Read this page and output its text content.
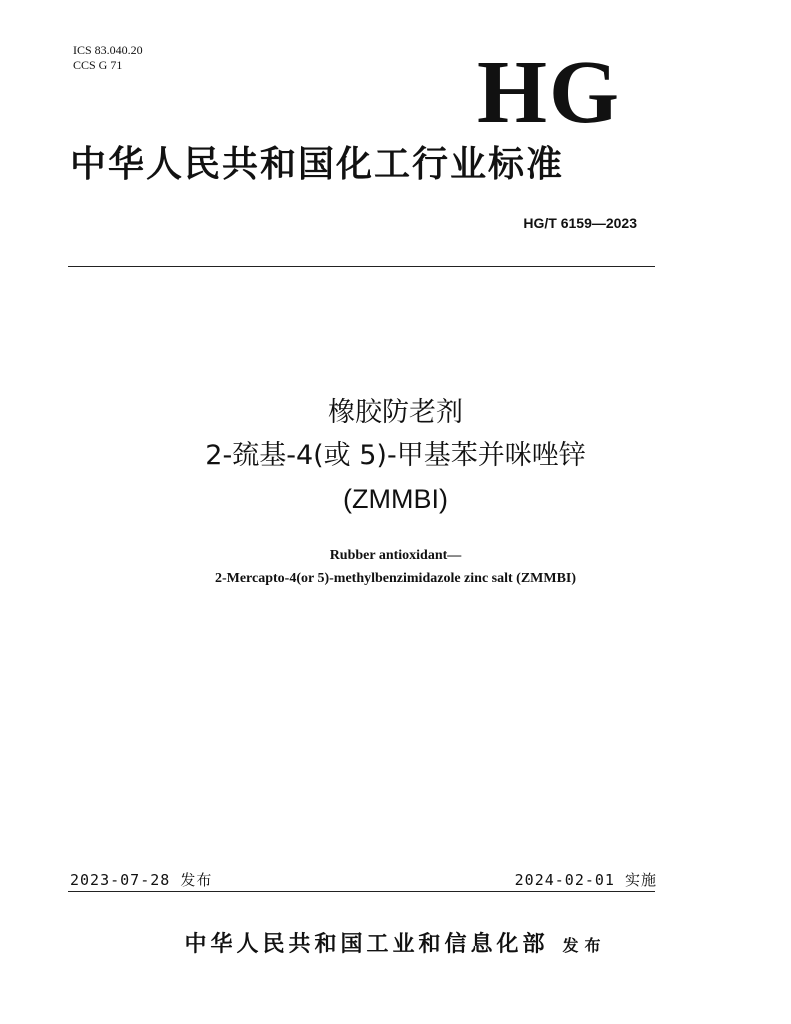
ICS 83.040.20
CCS G 71	HG
中华人民共和国化工行业标准
HG/T 6159—2023
橡胶防老剂
2-巯基-4(或 5)-甲基苯并咪唑锌
(ZMMBI)
Rubber antioxidant—
2-Mercapto-4(or 5)-methylbenzimidazole zinc salt (ZMMBI)
2023-07-28 发布	2024-02-01 实施
中华人民共和国工业和信息化部 发布
